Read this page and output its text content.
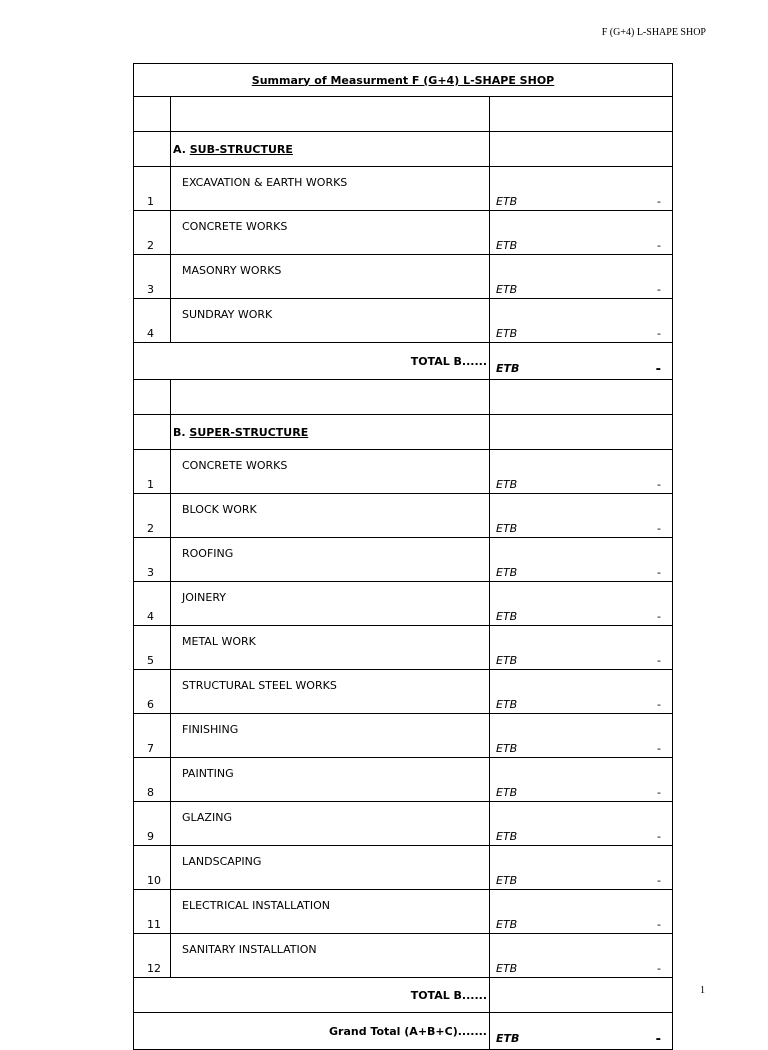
F (G+4) L-SHAPE SHOP
Summary of Measurment F (G+4) L-SHAPE SHOP		

	A. SUB-STRUCTURE	
1	EXCAVATION & EARTH WORKS	ETB -

2	CONCRETE WORKS	ETB -

3	MASONRY WORKS	ETB -

4	SUNDRAY WORK	ETB -

TOTAL B......		ETB -

	B. SUPER-STRUCTURE	
1	CONCRETE WORKS	ETB -

2	BLOCK WORK	ETB -

3	ROOFING	ETB -

4	JOINERY	ETB -

5	METAL WORK	ETB -

6	STRUCTURAL STEEL WORKS	ETB -

7	FINISHING	ETB -

8	PAINTING	ETB -

9	GLAZING	ETB -

10	LANDSCAPING	ETB -

11	ELECTRICAL INSTALLATION	ETB -

12	SANITARY INSTALLATION	ETB -

TOTAL B......		
Grand Total (A+B+C).......		ETB -
1
